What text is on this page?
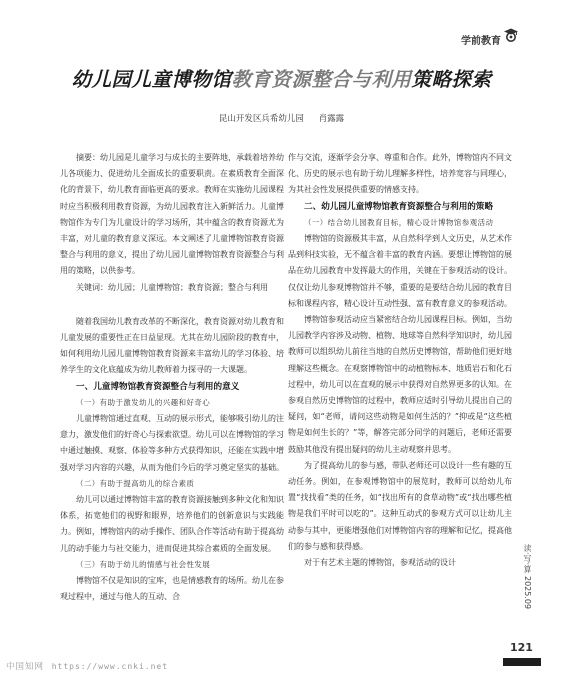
学前教育
幼儿园儿童博物馆教育资源整合与利用策略探索
昆山开发区兵希幼儿园 肖露露

摘要：幼儿园是儿童学习与成长的主要阵地，承载着培养幼儿各项能力、促进幼儿全面成长的重要职责。在素质教育全面深化的背景下，幼儿教育面临更高的要求。教师在实施幼儿园课程时应当积极利用教育资源，为幼儿园教育注入新鲜活力。儿童博物馆作为专门为儿童设计的学习场所，其中蕴含的教育资源尤为丰富，对儿童的教育意义深远。本文阐述了儿童博物馆教育资源整合与利用的意义，提出了幼儿园儿童博物馆教育资源整合与利用的策略，以供参考。

关键词：幼儿园；儿童博物馆；教育资源；整合与利用

随着我国幼儿教育改革的不断深化，教育资源对幼儿教育和儿童发展的重要性正在日益显现。尤其在幼儿园阶段的教育中，如何利用幼儿园儿童博物馆教育资源来丰富幼儿的学习体验、培养学生的文化底蕴成为幼儿教师着力探寻的一大课题。

一、儿童博物馆教育资源整合与利用的意义
（一）有助于激发幼儿的兴趣和好奇心

儿童博物馆通过直观、互动的展示形式，能够吸引幼儿的注意力，激发他们的好奇心与探索欲望。幼儿可以在博物馆的学习中通过触摸、观察、体验等多种方式获得知识，还能在实践中增强对学习内容的兴趣，从而为他们今后的学习奠定坚实的基础。

（二）有助于提高幼儿的综合素质

幼儿可以通过博物馆丰富的教育资源接触到多种文化和知识体系，拓宽他们的视野和眼界，培养他们的创新意识与实践能力。例如，博物馆内的动手操作、团队合作等活动有助于提高幼儿的动手能力与社交能力，进而促进其综合素质的全面发展。

（三）有助于幼儿的情感与社会性发展

博物馆不仅是知识的宝库，也是情感教育的场所。幼儿在参观过程中，通过与他人的互动、合

作与交流，逐渐学会分享、尊重和合作。此外，博物馆内不同文化、历史的展示也有助于幼儿理解多样性，培养宽容与同理心，为其社会性发展提供重要的情感支持。

二、幼儿园儿童博物馆教育资源整合与利用的策略
（一）结合幼儿园教育目标，精心设计博物馆参观活动

博物馆的资源极其丰富，从自然科学到人文历史，从艺术作品到科技实验，无不蕴含着丰富的教育内涵。要想让博物馆的展品在幼儿园教育中发挥最大的作用，关键在于参观活动的设计。仅仅让幼儿参观博物馆并不够，重要的是要结合幼儿园的教育目标和课程内容，精心设计互动性强、富有教育意义的参观活动。

博物馆参观活动应当紧密结合幼儿园课程目标。例如，当幼儿园教学内容涉及动物、植物、地球等自然科学知识时，幼儿园教师可以组织幼儿前往当地的自然历史博物馆，帮助他们更好地理解这些概念。在观察博物馆中的动植物标本、地质岩石和化石过程中，幼儿可以在直观的展示中获得对自然界更多的认知。在参观自然历史博物馆的过程中，教师应适时引导幼儿提出自己的疑问，如“老师，请问这些动物是如何生活的？”抑或是“这些植物是如何生长的？”等，解答完部分同学的问题后，老师还需要鼓励其他没有提出疑问的幼儿主动观察并思考。

为了提高幼儿的参与感，带队老师还可以设计一些有趣的互动任务。例如，在参观博物馆中的展览时，教师可以给幼儿布置“找找看”类的任务，如“找出所有的食草动物”或“找出哪些植物是我们平时可以吃的”。这种互动式的参观方式可以让幼儿主动参与其中，更能增强他们对博物馆内容的理解和记忆，提高他们的参与感和获得感。

对于有艺术主题的博物馆，参观活动的设计	读·写·算
2025.09
121
中国知网 https://www.cnki.net
